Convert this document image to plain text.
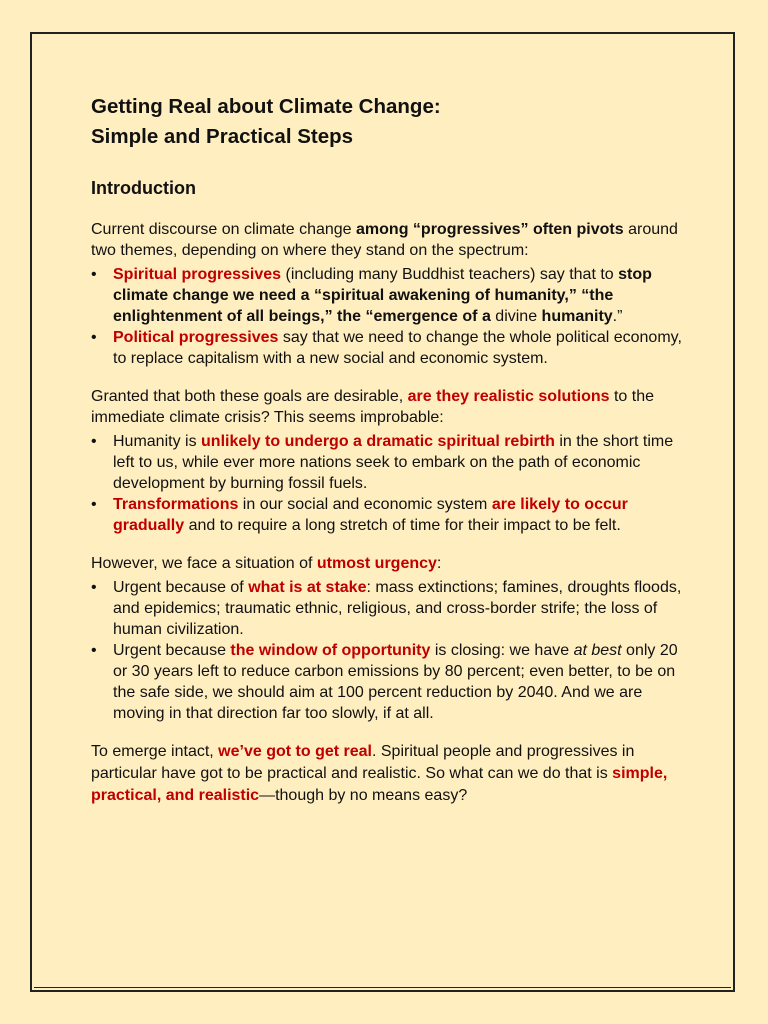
Getting Real about Climate Change:
Simple and Practical Steps
Introduction

Current discourse on climate change among “progressives” often pivots around two themes, depending on where they stand on the spectrum:

• Spiritual progressives (including many Buddhist teachers) say that to stop climate change we need a “spiritual awakening of humanity,” “the enlightenment of all beings,” the “emergence of a divine humanity.”
• Political progressives say that we need to change the whole political economy, to replace capitalism with a new social and economic system.

Granted that both these goals are desirable, are they realistic solutions to the immediate climate crisis? This seems improbable:

• Humanity is unlikely to undergo a dramatic spiritual rebirth in the short time left to us, while ever more nations seek to embark on the path of economic development by burning fossil fuels.
• Transformations in our social and economic system are likely to occur gradually and to require a long stretch of time for their impact to be felt.

However, we face a situation of utmost urgency:

• Urgent because of what is at stake: mass extinctions; famines, droughts floods, and epidemics; traumatic ethnic, religious, and cross-border strife; the loss of human civilization.
• Urgent because the window of opportunity is closing: we have at best only 20 or 30 years left to reduce carbon emissions by 80 percent; even better, to be on the safe side, we should aim at 100 percent reduction by 2040. And we are moving in that direction far too slowly, if at all.

To emerge intact, we’ve got to get real. Spiritual people and progressives in particular have got to be practical and realistic. So what can we do that is simple, practical, and realistic—though by no means easy?
